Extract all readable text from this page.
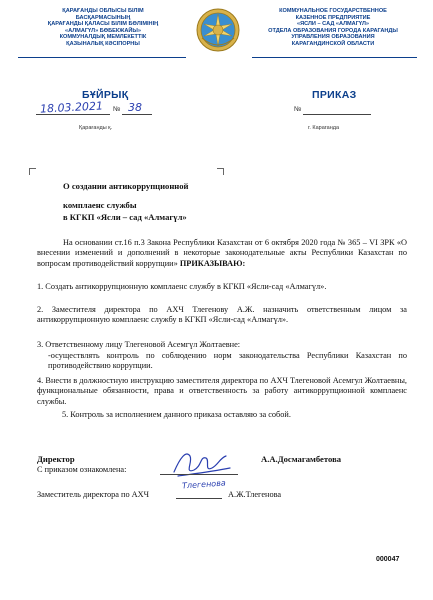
ҚАРАҒАНДЫ ОБЛЫСЫ БІЛІМ
БАСҚАРМАСЫНЫҢ
ҚАРАҒАНДЫ ҚАЛАСЫ БІЛІМ БӨЛІМІНІҢ
«АЛМАГҮЛ» БӨБЕКЖАЙЫ»
КОММУНАЛДЫҚ МЕМЛЕКЕТТІК
ҚАЗЫНАЛЫҚ КӘСІПОРНЫ
КОММУНАЛЬНОЕ ГОСУДАРСТВЕННОЕ
КАЗЕННОЕ ПРЕДПРИЯТИЕ
«ЯСЛИ – САД «АЛМАГҮЛ»
ОТДЕЛА ОБРАЗОВАНИЯ ГОРОДА КАРАГАНДЫ
УПРАВЛЕНИЯ ОБРАЗОВАНИЯ
КАРАГАНДИНСКОЙ ОБЛАСТИ
БҰЙРЫҚ	ПРИКАЗ
18.03.2021 № 38	№
Қарағанды қ.	г. Караганда
О создании антикоррупционной
комплаенс службы
в КГКП «Ясли – сад «Алмагүл»
На основании ст.16 п.3 Закона Республики Казахстан от 6 октября 2020 года № 365 – VI ЗРК «О внесении изменений и дополнений в некоторые законодательные акты Республики Казахстан по вопросам противодействий коррупции» ПРИКАЗЫВАЮ:
1. Создать антикоррупционную комплаенс службу в КГКП «Ясли-сад «Алмагүл».
2. Заместителя директора по АХЧ Тлегенову А.Ж. назначить ответственным лицом за антикоррупционную комплаенс службу в КГКП «Ясли-сад «Алмагүл».
3. Ответственному лицу Тлегеновой Асемгүл Жолтаевне:
-осуществлять контроль по соблюдению норм законодательства Республики Казахстан по противодействию коррупции.
4. Внести в должностную инструкцию заместителя директора по АХЧ Тлегеновой Асемгул Жолтаевны, функциональные обязанности, права и ответственность за работу антикоррупционной комплаенс службы.
5. Контроль за исполнением данного приказа оставляю за собой.
Директор
С приказом ознакомлена:
А.А.Досмагамбетова
Заместитель директора по АХЧ
Тлегенова
А.Ж.Тлегенова
000047
